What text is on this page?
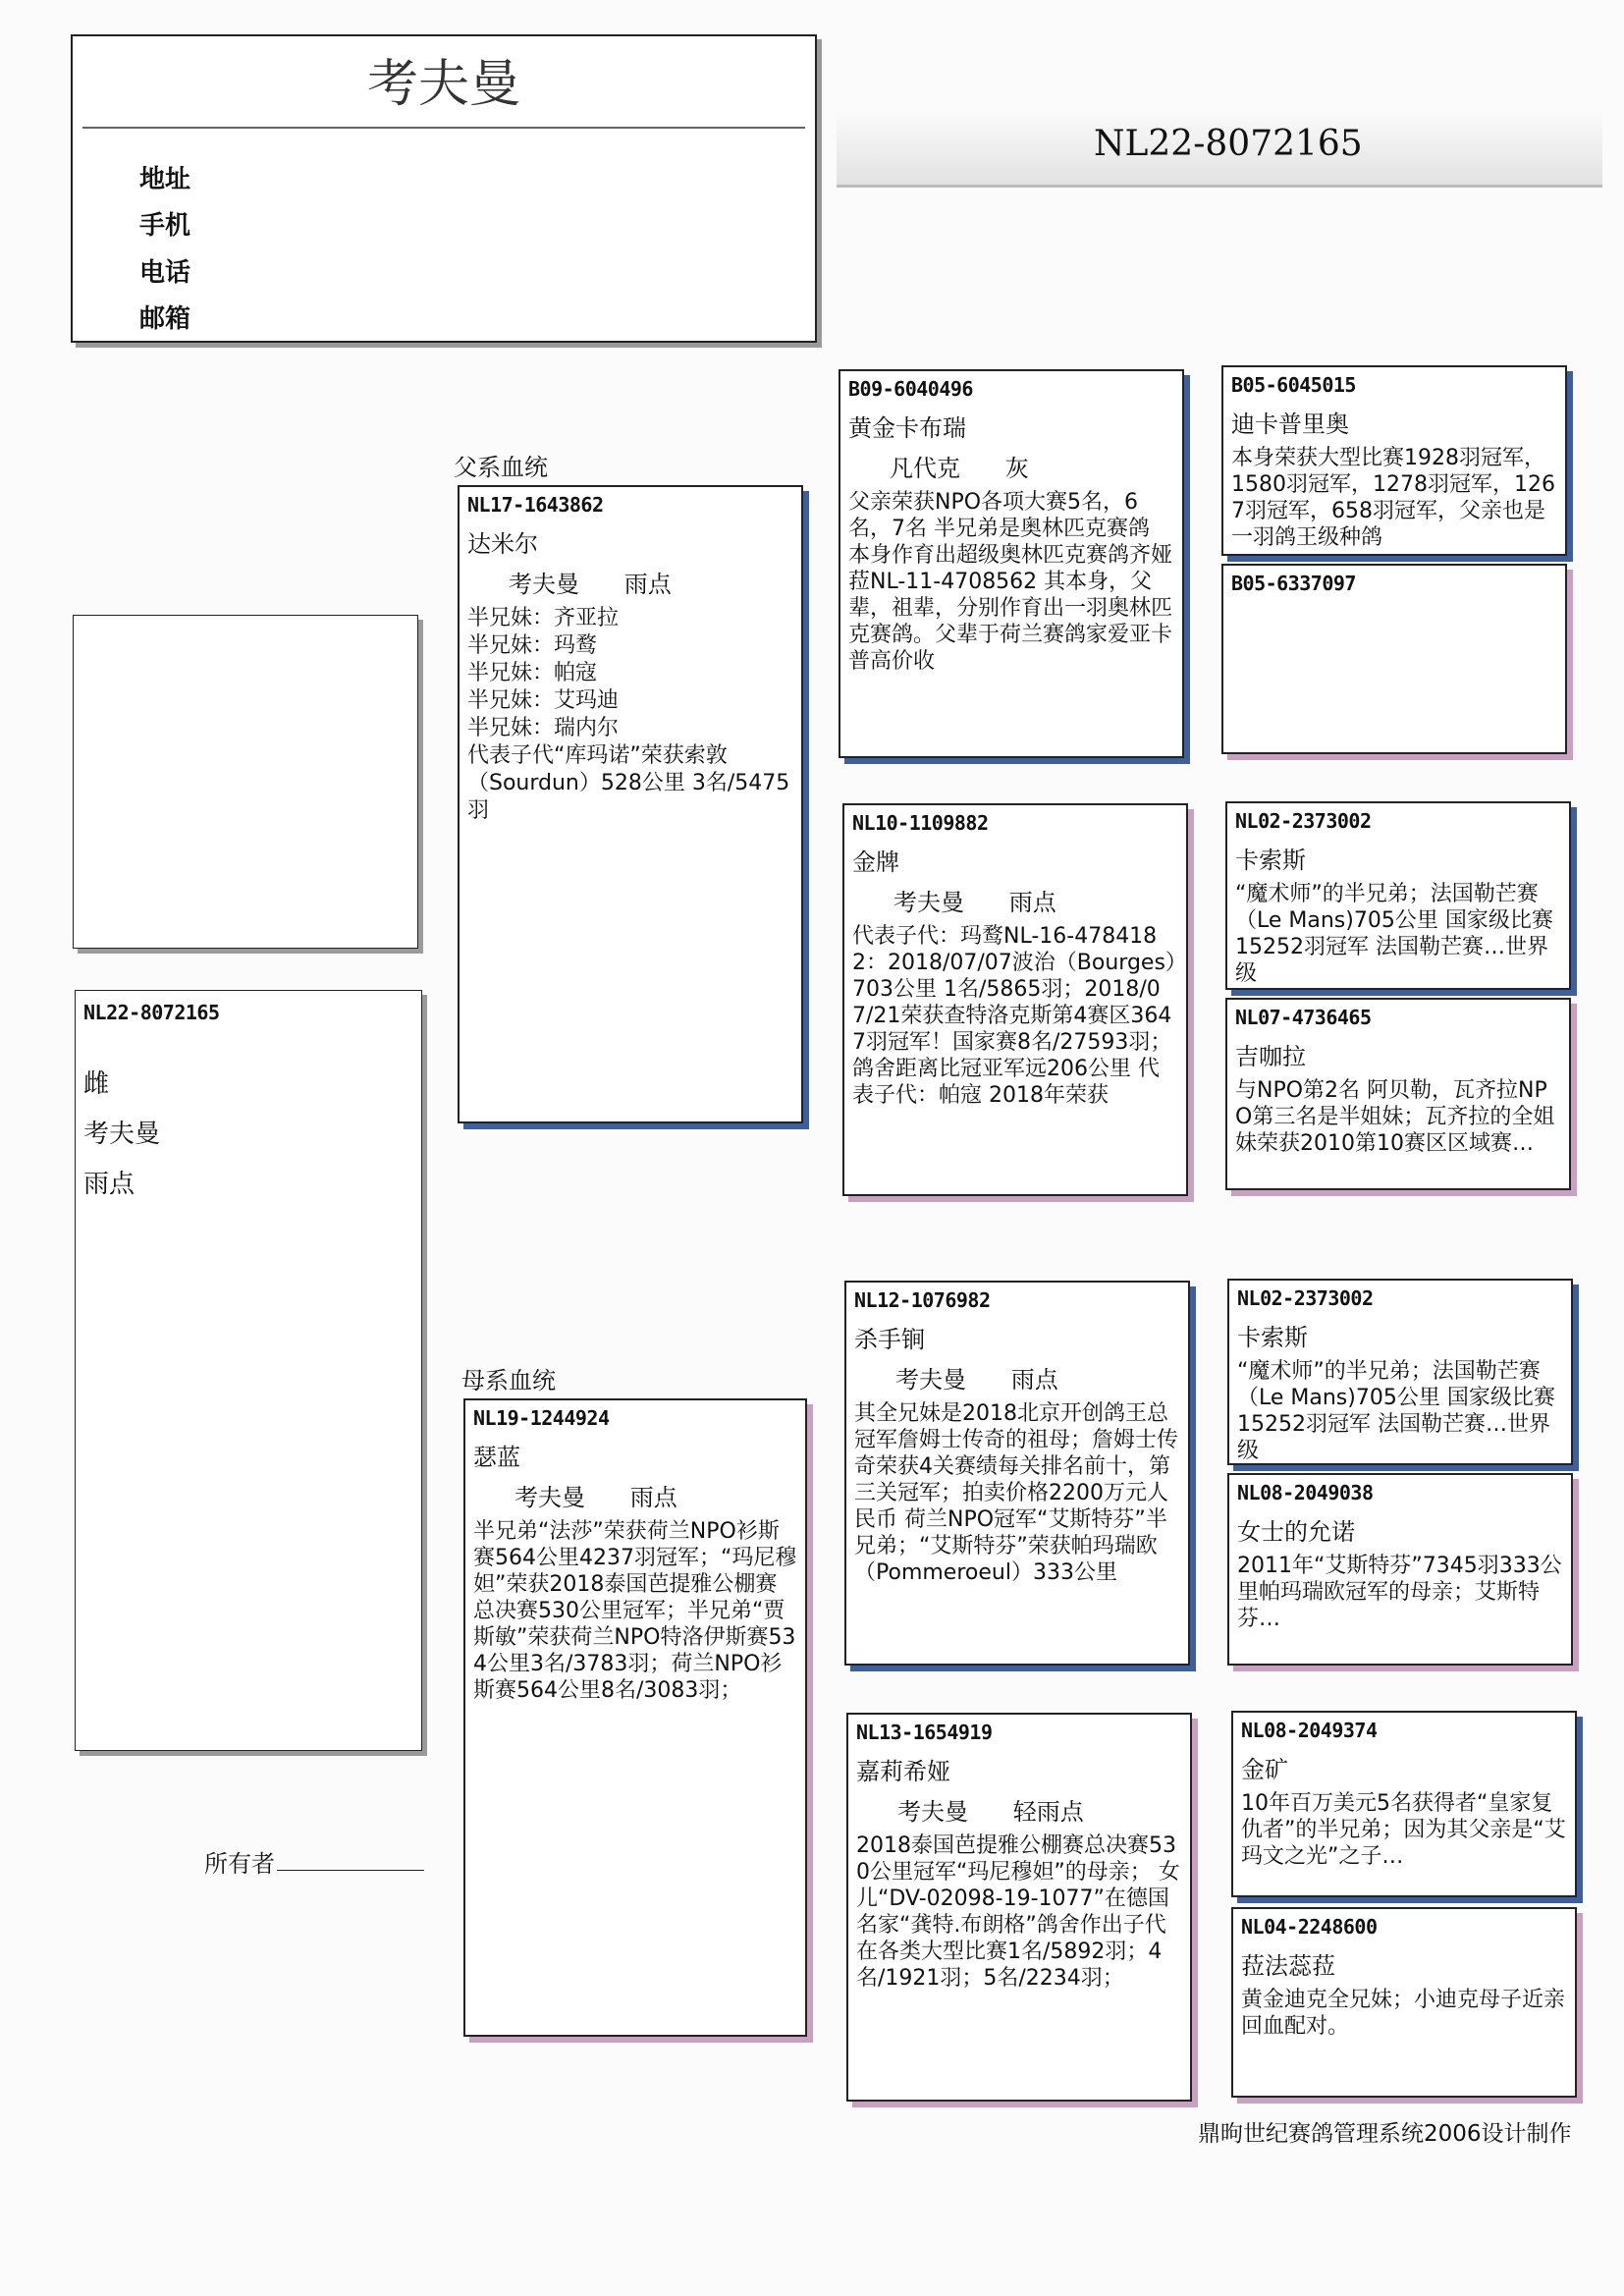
考夫曼
地址
手机
电话
邮箱
NL22-8072165
NL22-8072165
雌
考夫曼
雨点
所有者
父系血统
母系血统
NL17-1643862
达米尔
考夫曼      雨点
半兄妹：齐亚拉
半兄妹：玛鹜
半兄妹：帕寇
半兄妹：艾玛迪
半兄妹：瑞内尔
代表子代“库玛诺”荣获索敦（Sourdun）528公里 3名/5475羽
NL19-1244924
瑟蓝
考夫曼      雨点
半兄弟“法莎”荣获荷兰NPO衫斯赛564公里4237羽冠军；“玛尼穆妲”荣获2018泰国芭提雅公棚赛总决赛530公里冠军；半兄弟“贾斯敏”荣获荷兰NPO特洛伊斯赛534公里3名/3783羽；荷兰NPO衫斯赛564公里8名/3083羽；
B09-6040496
黄金卡布瑞
凡代克      灰
父亲荣获NPO各项大赛5名，6名，7名 半兄弟是奥林匹克赛鸽 本身作育出超级奥林匹克赛鸽齐娅菈NL-11-4708562 其本身，父辈，祖辈，分别作育出一羽奥林匹克赛鸽。父辈于荷兰赛鸽家爱亚卡普高价收
NL10-1109882
金牌
考夫曼      雨点
代表子代：玛鹜NL-16-4784182：2018/07/07波治（Bourges）703公里 1名/5865羽；2018/07/21荣获查特洛克斯第4赛区3647羽冠军！国家赛8名/27593羽；鸽舍距离比冠亚军远206公里 代表子代：帕寇 2018年荣获
NL12-1076982
杀手锏
考夫曼      雨点
其全兄妹是2018北京开创鸽王总冠军詹姆士传奇的祖母；詹姆士传奇荣获4关赛绩每关排名前十，第三关冠军；拍卖价格2200万元人民币 荷兰NPO冠军“艾斯特芬”半兄弟；“艾斯特芬”荣获帕玛瑞欧（Pommeroeul）333公里
NL13-1654919
嘉莉希娅
考夫曼      轻雨点
2018泰国芭提雅公棚赛总决赛530公里冠军“玛尼穆妲”的母亲； 女儿“DV-02098-19-1077”在德国名家“龚特.布朗格”鸽舍作出子代在各类大型比赛1名/5892羽；4名/1921羽；5名/2234羽；
B05-6045015
迪卡普里奥
本身荣获大型比赛1928羽冠军，1580羽冠军，1278羽冠军，1267羽冠军，658羽冠军，父亲也是一羽鸽王级种鸽
B05-6337097
NL02-2373002
卡索斯
“魔术师”的半兄弟；法国勒芒赛（Le Mans)705公里 国家级比赛15252羽冠军 法国勒芒赛…世界级
NL07-4736465
吉咖拉
与NPO第2名 阿贝勒，瓦齐拉NPO第三名是半姐妹；瓦齐拉的全姐妹荣获2010第10赛区区域赛…
NL02-2373002
卡索斯
“魔术师”的半兄弟；法国勒芒赛（Le Mans)705公里 国家级比赛15252羽冠军 法国勒芒赛…世界级
NL08-2049038
女士的允诺
2011年“艾斯特芬”7345羽333公里帕玛瑞欧冠军的母亲；艾斯特芬…
NL08-2049374
金矿
10年百万美元5名获得者“皇家复仇者”的半兄弟；因为其父亲是“艾玛文之光”之子…
NL04-2248600
菈法蕊菈
黄金迪克全兄妹；小迪克母子近亲回血配对。
鼎昫世纪赛鸽管理系统2006设计制作
